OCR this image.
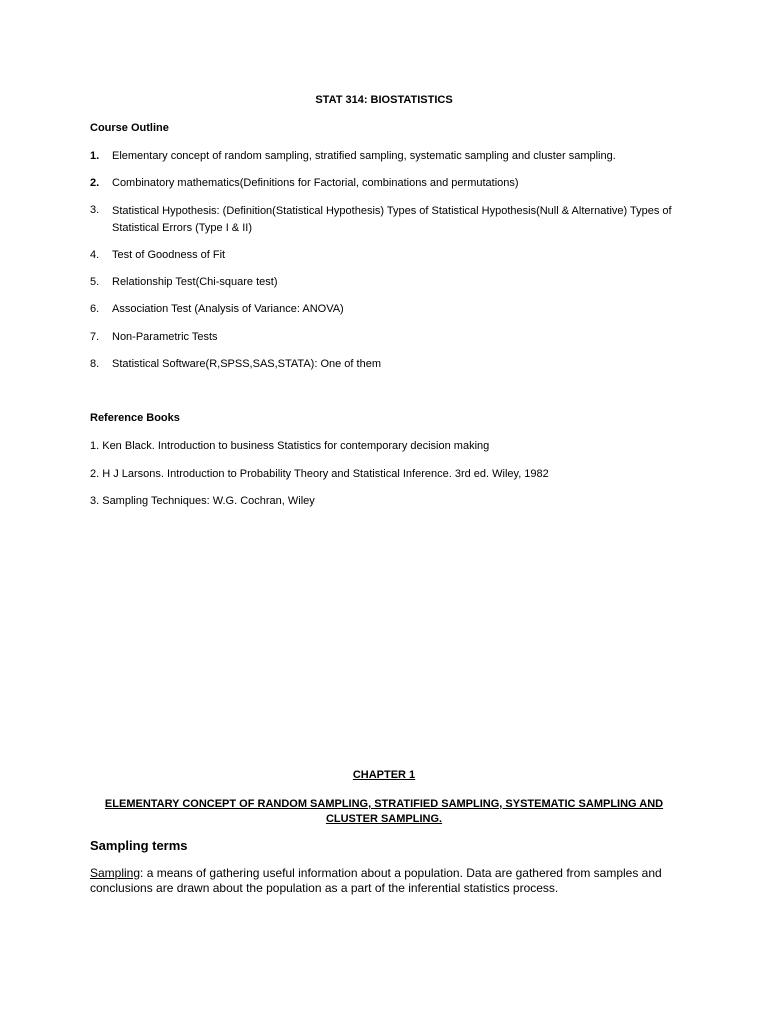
STAT 314: BIOSTATISTICS
Course Outline
1. Elementary concept of random sampling, stratified sampling, systematic sampling and cluster sampling.
2. Combinatory mathematics(Definitions for Factorial, combinations and permutations)
3. Statistical Hypothesis: (Definition(Statistical Hypothesis) Types of Statistical Hypothesis(Null & Alternative) Types of Statistical Errors (Type I & II)
4. Test of Goodness of Fit
5. Relationship Test(Chi-square test)
6. Association Test (Analysis of Variance: ANOVA)
7. Non-Parametric Tests
8. Statistical Software(R,SPSS,SAS,STATA): One of them
Reference Books
1. Ken Black. Introduction to business Statistics for contemporary decision making
2. H J Larsons. Introduction to Probability Theory and Statistical Inference. 3rd ed. Wiley, 1982
3. Sampling Techniques: W.G. Cochran, Wiley
CHAPTER 1
ELEMENTARY CONCEPT OF RANDOM SAMPLING, STRATIFIED SAMPLING, SYSTEMATIC SAMPLING AND CLUSTER SAMPLING.
Sampling terms
Sampling: a means of gathering useful information about a population. Data are gathered from samples and conclusions are drawn about the population as a part of the inferential statistics process.
